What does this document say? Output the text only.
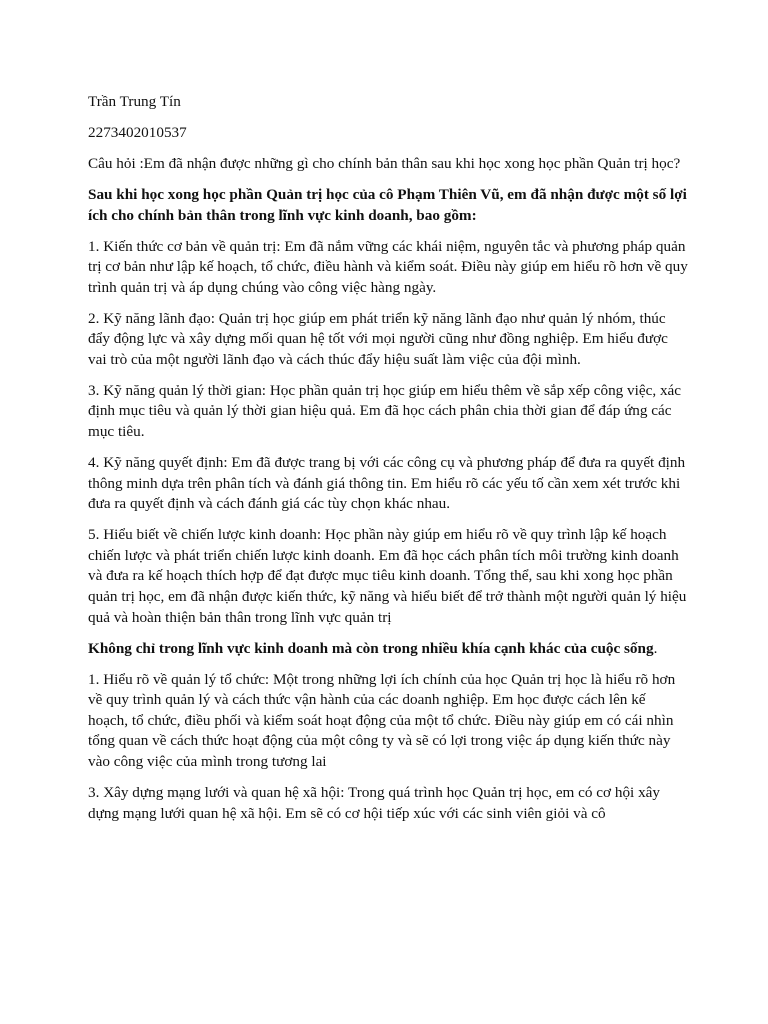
Trần Trung Tín

2273402010537

Câu hỏi :Em đã nhận được những gì cho chính bản thân sau khi học xong học phần Quản trị học?

Sau khi học xong học phần Quản trị học của cô Phạm Thiên Vũ, em đã nhận được một số lợi ích cho chính bản thân trong lĩnh vực kinh doanh, bao gồm:

1. Kiến thức cơ bản về quản trị: Em đã nắm vững các khái niệm, nguyên tắc và phương pháp quản trị cơ bản như lập kế hoạch, tổ chức, điều hành và kiểm soát. Điều này giúp em hiểu rõ hơn về quy trình quản trị và áp dụng chúng vào công việc hàng ngày.

2. Kỹ năng lãnh đạo: Quản trị học giúp em phát triển kỹ năng lãnh đạo như quản lý nhóm, thúc đẩy động lực và xây dựng mối quan hệ tốt với mọi người cũng như đồng nghiệp. Em hiểu được vai trò của một người lãnh đạo và cách thúc đẩy hiệu suất làm việc của đội mình.

3. Kỹ năng quản lý thời gian: Học phần quản trị học giúp em hiểu thêm về sắp xếp công việc, xác định mục tiêu và quản lý thời gian hiệu quả. Em đã học cách phân chia thời gian để đáp ứng các mục tiêu.

4. Kỹ năng quyết định: Em đã được trang bị với các công cụ và phương pháp để đưa ra quyết định thông minh dựa trên phân tích và đánh giá thông tin. Em hiểu rõ các yếu tố cần xem xét trước khi đưa ra quyết định và cách đánh giá các tùy chọn khác nhau.

5. Hiểu biết về chiến lược kinh doanh: Học phần này giúp em hiểu rõ về quy trình lập kế hoạch chiến lược và phát triển chiến lược kinh doanh. Em đã học cách phân tích môi trường kinh doanh và đưa ra kế hoạch thích hợp để đạt được mục tiêu kinh doanh. Tổng thể, sau khi xong học phần quản trị học, em đã nhận được kiến thức, kỹ năng và hiểu biết để trở thành một người quản lý hiệu quả và hoàn thiện bản thân trong lĩnh vực quản trị

Không chỉ trong lĩnh vực kinh doanh mà còn trong nhiều khía cạnh khác của cuộc sống.

1. Hiểu rõ về quản lý tổ chức: Một trong những lợi ích chính của học Quản trị học là hiểu rõ hơn về quy trình quản lý và cách thức vận hành của các doanh nghiệp. Em học được cách lên kế hoạch, tổ chức, điều phối và kiểm soát hoạt động của một tổ chức. Điều này giúp em có cái nhìn tổng quan về cách thức hoạt động của một công ty và sẽ có lợi trong việc áp dụng kiến thức này vào công việc của mình trong tương lai

3. Xây dựng mạng lưới và quan hệ xã hội: Trong quá trình học Quản trị học, em có cơ hội xây dựng mạng lưới quan hệ xã hội. Em sẽ có cơ hội tiếp xúc với các sinh viên giỏi và cô
